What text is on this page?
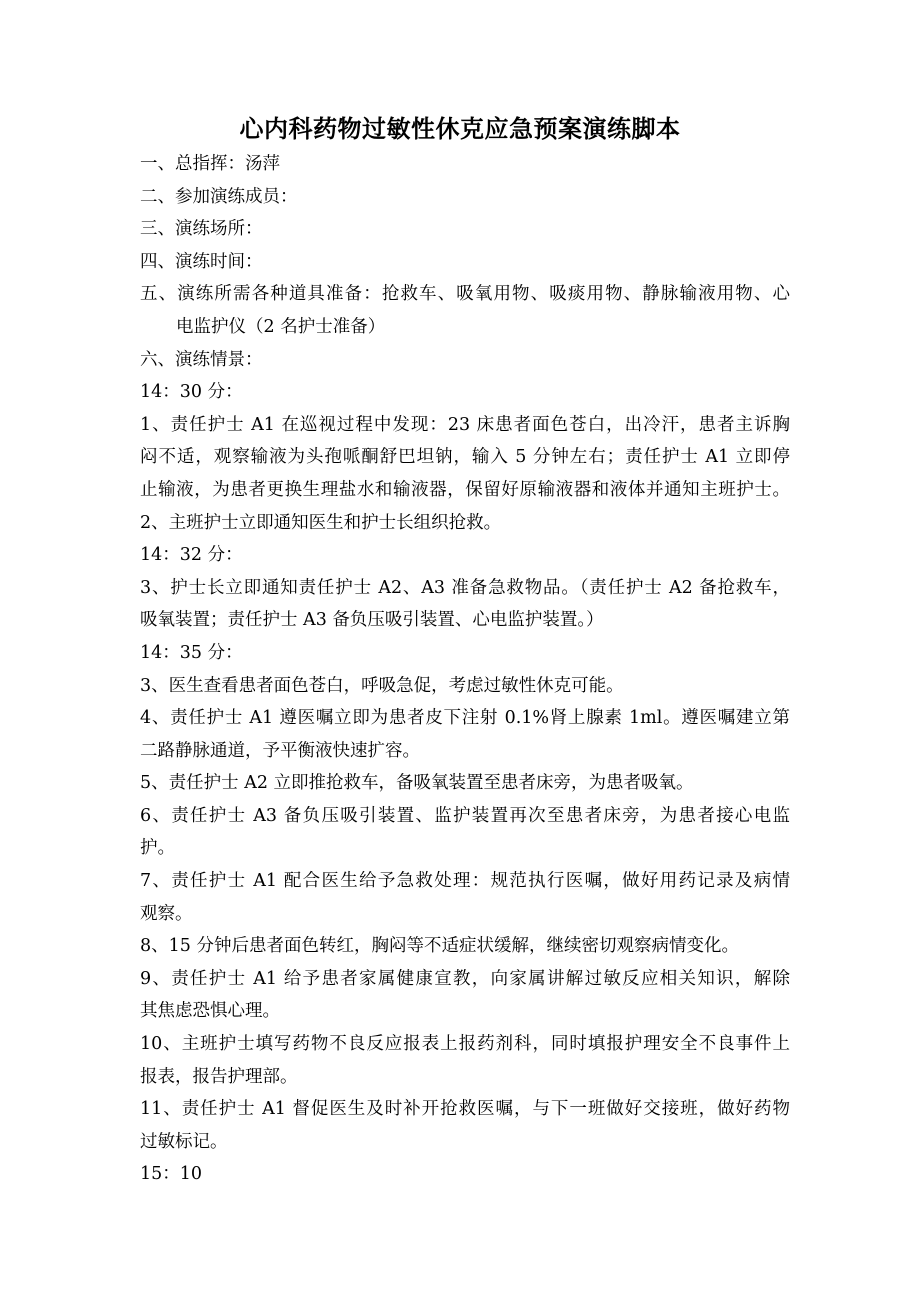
心内科药物过敏性休克应急预案演练脚本
一、总指挥：汤萍
二、参加演练成员：
三、演练场所：
四、演练时间：
五、演练所需各种道具准备：抢救车、吸氧用物、吸痰用物、静脉输液用物、心
电监护仪（2 名护士准备）
六、演练情景：
14：30 分：
1、责任护士 A1 在巡视过程中发现：23 床患者面色苍白，出冷汗，患者主诉胸
闷不适，观察输液为头孢哌酮舒巴坦钠，输入 5 分钟左右；责任护士 A1 立即停
止输液，为患者更换生理盐水和输液器，保留好原输液器和液体并通知主班护士。
2、主班护士立即通知医生和护士长组织抢救。
14：32 分：
3、护士长立即通知责任护士 A2、A3 准备急救物品。（责任护士 A2 备抢救车，
吸氧装置；责任护士 A3 备负压吸引装置、心电监护装置。）
14：35 分：
3、医生查看患者面色苍白，呼吸急促，考虑过敏性休克可能。
4、责任护士 A1 遵医嘱立即为患者皮下注射 0.1%肾上腺素 1ml。遵医嘱建立第
二路静脉通道，予平衡液快速扩容。
5、责任护士 A2 立即推抢救车，备吸氧装置至患者床旁，为患者吸氧。
6、责任护士 A3 备负压吸引装置、监护装置再次至患者床旁，为患者接心电监
护。
7、责任护士 A1 配合医生给予急救处理：规范执行医嘱，做好用药记录及病情
观察。
8、15 分钟后患者面色转红，胸闷等不适症状缓解，继续密切观察病情变化。
9、责任护士 A1 给予患者家属健康宣教，向家属讲解过敏反应相关知识，解除
其焦虑恐惧心理。
10、主班护士填写药物不良反应报表上报药剂科，同时填报护理安全不良事件上
报表，报告护理部。
11、责任护士 A1 督促医生及时补开抢救医嘱，与下一班做好交接班，做好药物
过敏标记。
15：10
